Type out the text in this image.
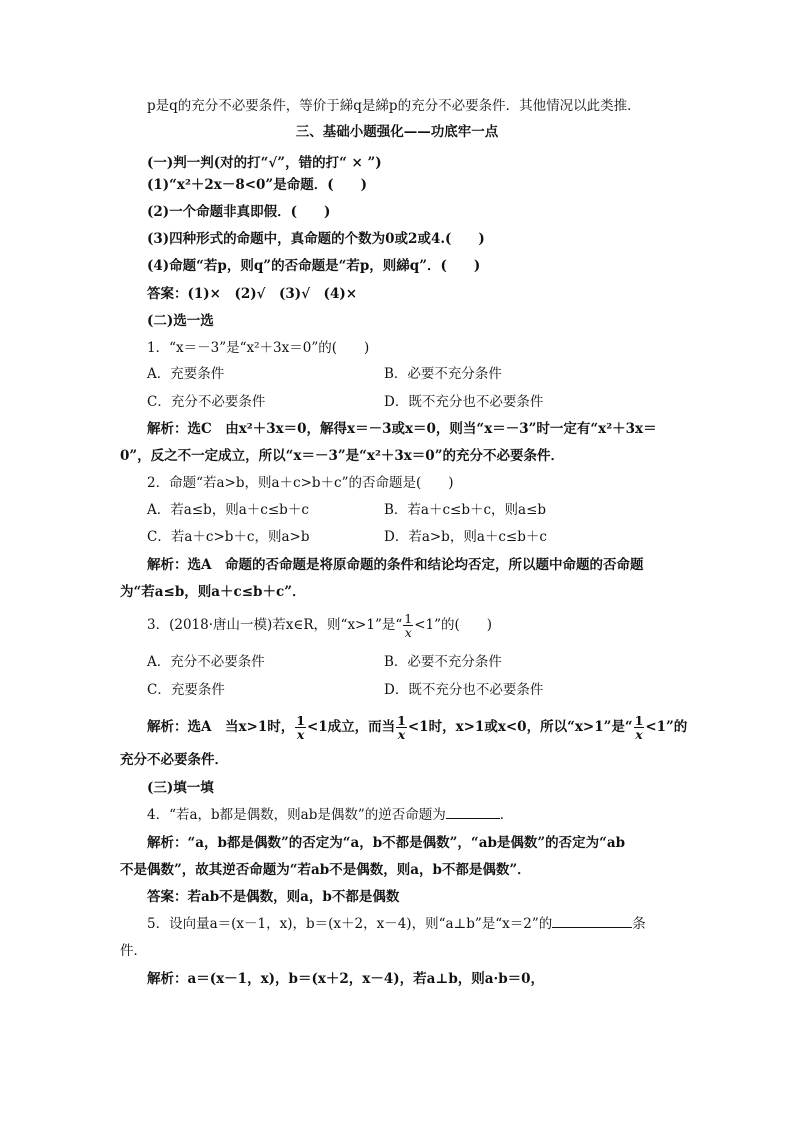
p是q的充分不必要条件，等价于綈q是綈p的充分不必要条件．其他情况以此类推．
三、基础小题强化——功底牢一点
(一)判一判(对的打“√”，错的打“ × ”)
(1)“x²＋2x－8<0”是命题．(　　)
(2)一个命题非真即假．(　　)
(3)四种形式的命题中，真命题的个数为0或2或4.(　　)
(4)命题“若p，则q”的否命题是“若p，则綈q”．(　　)
答案：(1)×　(2)√　(3)√　(4)×
(二)选一选
1．“x＝－3”是“x²＋3x＝0”的(　　)
A．充要条件	B．必要不充分条件
C．充分不必要条件	D．既不充分也不必要条件
解析：选C　由x²＋3x＝0，解得x＝－3或x＝0，则当“x＝－3”时一定有“x²＋3x＝
0”，反之不一定成立，所以“x＝－3”是“x²＋3x＝0”的充分不必要条件．
2．命题“若a>b，则a＋c>b＋c”的否命题是(　　)
A．若a≤b，则a＋c≤b＋c	B．若a＋c≤b＋c，则a≤b
C．若a＋c>b＋c，则a>b	D．若a>b，则a＋c≤b＋c
解析：选A　命题的否命题是将原命题的条件和结论均否定，所以题中命题的否命题
为“若a≤b，则a＋c≤b＋c”．
3．(2018·唐山一模)若x∈R，则“x>1”是“ $\frac{1}{x} <1$”的(　　)
A．充分不必要条件	B．必要不充分条件
C．充要条件	D．既不充分也不必要条件
解析：选A　当x>1时， $\frac{1}{x} <1$成立，而当 $\frac{1}{x} <1$时，x>1或x<0，所以“x>1”是“ $\frac{1}{x} <1$”的
充分不必要条件．
(三)填一填
4．“若a，b都是偶数，则ab是偶数”的逆否命题为	．
解析：“a，b都是偶数”的否定为“a，b不都是偶数”，“ab是偶数”的否定为“ab
不是偶数”，故其逆否命题为“若ab不是偶数，则a，b不都是偶数”．
答案：若ab不是偶数，则a，b不都是偶数
5．设向量a＝(x－1，x)，b＝(x＋2，x－4)，则“a⊥b”是“x＝2”的	条
件．
解析：a＝(x－1，x)，b＝(x＋2，x－4)，若a⊥b，则a·b＝0，
